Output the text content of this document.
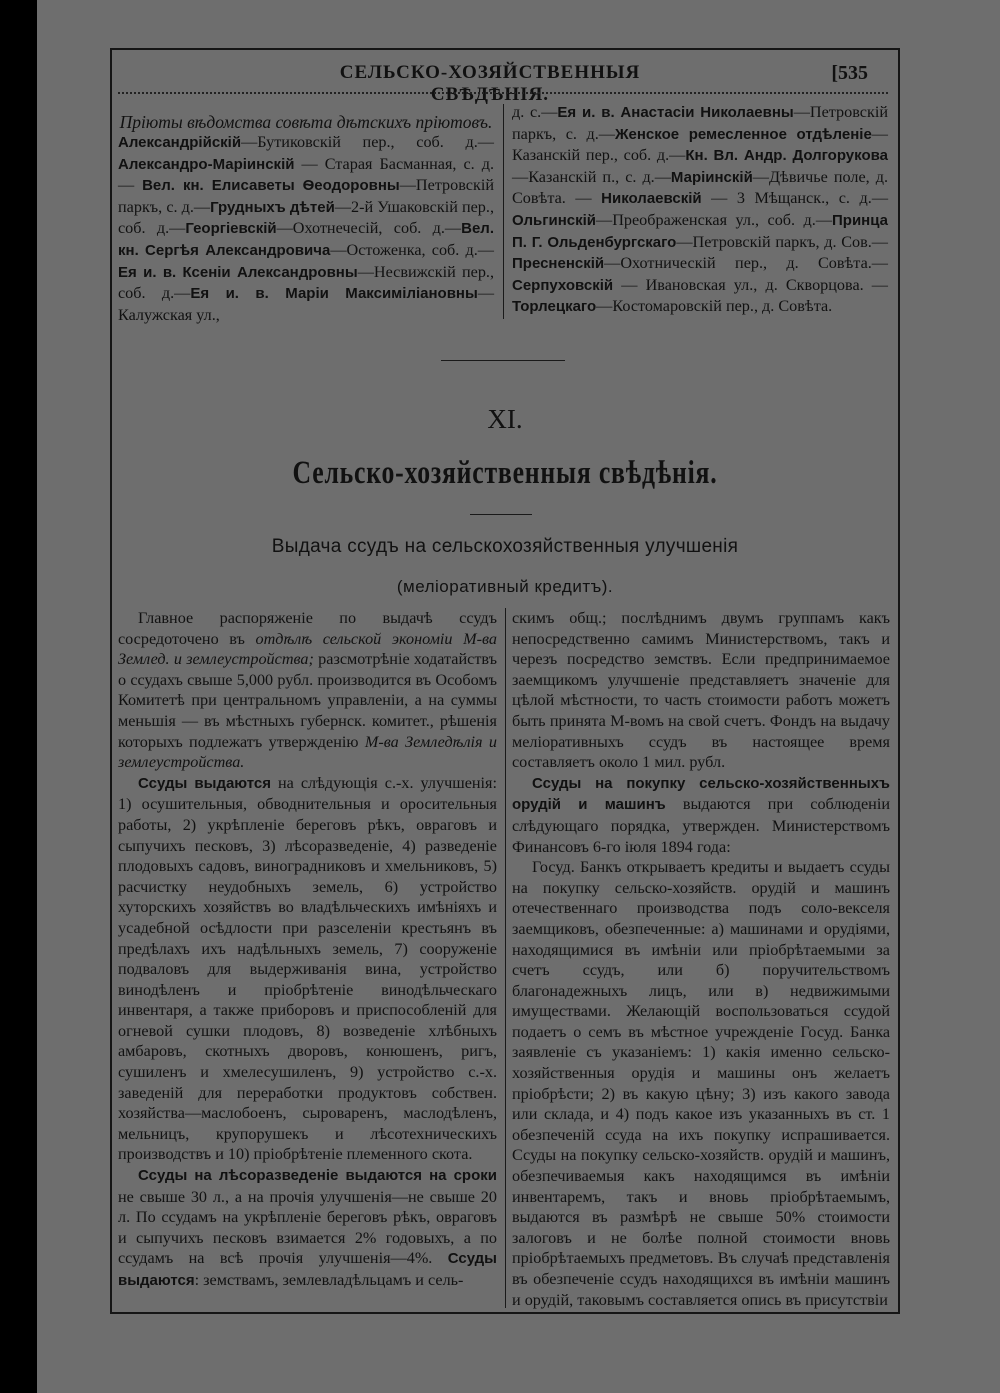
СЕЛЬСКО-ХОЗЯЙСТВЕННЫЯ СВѢДѢНІЯ.
[535

Пріюты вѣдомства совѣта дѣтскихъ пріютовъ.

Александрійскій—Бутиковскій пер., соб. д.— Александро-Маріинскій — Старая Басманная, с. д.— Вел. кн. Елисаветы Ѳеодоровны—Петровскій паркъ, с. д.—Грудныхъ дѣтей—2-й Ушаковскій пер., соб. д.—Георгіевскій—Охотнечесій, соб. д.—Вел. кн. Сергѣя Александровича—Остоженка, соб. д.—Ея и. в. Ксеніи Александровны—Несвижскій пер., соб. д.—Ея и. в. Маріи Максиміліановны—Калужская ул.,

д. с.—Ея и. в. Анастасіи Николаевны—Петровскій паркъ, с. д.—Женское ремесленное отдѣленіе—Казанскій пер., соб. д.—Кн. Вл. Андр. Долгорукова—Казанскій п., с. д.—Маріинскій—Дѣвичье поле, д. Совѣта. — Николаевскій — 3 Мѣщанск., с. д.—Ольгинскій—Преображенская ул., соб. д.—Принца П. Г. Ольденбургскаго—Петровскій паркъ, д. Сов.—Пресненскій—Охотническій пер., д. Совѣта.—Серпуховскій — Ивановская ул., д. Скворцова. — Торлецкаго—Костомаровскій пер., д. Совѣта.

XI.
Сельско-хозяйственныя свѣдѣнія.
Выдача ссудъ на сельскохозяйственныя улучшенія
(меліоративный кредитъ).

Главное распоряженіе по выдачѣ ссудъ сосредоточено въ отдѣлѣ сельской экономіи М-ва Землед. и землеустройства; разсмотрѣніе ходатайствъ о ссудахъ свыше 5,000 рубл. производится въ Особомъ Комитетѣ при центральномъ управленіи, а на суммы меньшія — въ мѣстныхъ губернск. комитет., рѣшенія которыхъ подлежатъ утвержденію М-ва Земледѣлія и землеустройства.

Ссуды выдаются на слѣдующія с.-х. улучшенія: 1) осушительныя, обводнительныя и оросительныя работы, 2) укрѣпленіе береговъ рѣкъ, овраговъ и сыпучихъ песковъ, 3) лѣсоразведеніе, 4) разведеніе плодовыхъ садовъ, виноградниковъ и хмельниковъ, 5) расчистку неудобныхъ земель, 6) устройство хуторскихъ хозяйствъ во владѣльческихъ имѣніяхъ и усадебной осѣдлости при разселеніи крестьянъ въ предѣлахъ ихъ надѣльныхъ земель, 7) сооруженіе подваловъ для выдерживанія вина, устройство винодѣленъ и пріобрѣтеніе винодѣльческаго инвентаря, а также приборовъ и приспособленій для огневой сушки плодовъ, 8) возведеніе хлѣбныхъ амбаровъ, скотныхъ дворовъ, конюшенъ, ригъ, сушиленъ и хмелесушиленъ, 9) устройство с.-х. заведеній для переработки продуктовъ собствен. хозяйства—маслобоенъ, сыроваренъ, маслодѣленъ, мельницъ, крупорушекъ и лѣсотехническихъ производствъ и 10) пріобрѣтеніе племенного скота.

Ссуды на лѣсоразведеніе выдаются на сроки не свыше 30 л., а на прочія улучшенія—не свыше 20 л. По ссудамъ на укрѣпленіе береговъ рѣкъ, овраговъ и сыпучихъ песковъ взимается 2% годовыхъ, а по ссудамъ на всѣ прочія улучшенія—4%. Ссуды выдаются: земствамъ, землевладѣльцамъ и сель-

скимъ общ.; послѣднимъ двумъ группамъ какъ непосредственно самимъ Министерствомъ, такъ и черезъ посредство земствъ. Если предпринимаемое заемщикомъ улучшеніе представляетъ значеніе для цѣлой мѣстности, то часть стоимости работъ можетъ быть принята М-вомъ на свой счетъ. Фондъ на выдачу меліоративныхъ ссудъ въ настоящее время составляетъ около 1 мил. рубл.

Ссуды на покупку сельско-хозяйственныхъ орудій и машинъ выдаются при соблюденіи слѣдующаго порядка, утвержден. Министерствомъ Финансовъ 6-го іюля 1894 года:

Госуд. Банкъ открываетъ кредиты и выдаетъ ссуды на покупку сельско-хозяйств. орудій и машинъ отечественнаго производства подъ соло-векселя заемщиковъ, обезпеченные: а) машинами и орудіями, находящимися въ имѣніи или пріобрѣтаемыми за счетъ ссудъ, или б) поручительствомъ благонадежныхъ лицъ, или в) недвижимыми имуществами. Желающій воспользоваться ссудой подаетъ о семъ въ мѣстное учрежденіе Госуд. Банка заявленіе съ указаніемъ: 1) какія именно сельско-хозяйственныя орудія и машины онъ желаетъ пріобрѣсти; 2) въ какую цѣну; 3) изъ какого завода или склада, и 4) подъ какое изъ указанныхъ въ ст. 1 обезпеченій ссуда на ихъ покупку испрашивается. Ссуды на покупку сельско-хозяйств. орудій и машинъ, обезпечиваемыя какъ находящимся въ имѣніи инвентаремъ, такъ и вновь пріобрѣтаемымъ, выдаются въ размѣрѣ не свыше 50% стоимости залоговъ и не болѣе полной стоимости вновь пріобрѣтаемыхъ предметовъ. Въ случаѣ представленія въ обезпеченіе ссудъ находящихся въ имѣніи машинъ и орудій, таковымъ составляется опись въ присутствіи
